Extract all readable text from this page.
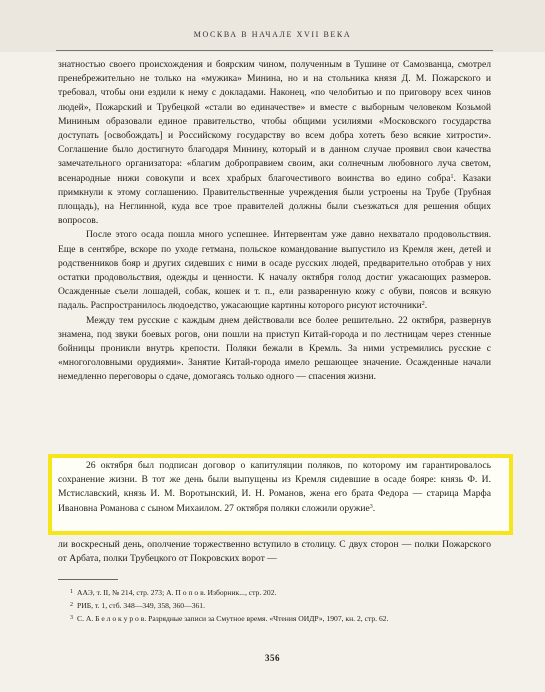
МОСКВА В НАЧАЛЕ XVII ВЕКА

знатностью своего происхождения и боярским чином, полученным в Тушине от Самозванца, смотрел пренебрежительно не только на «мужика» Минина, но и на стольника князя Д. М. Пожарского и требовал, чтобы они ездили к нему с докладами. Наконец, «по челобитью и по приговору всех чинов людей», Пожарский и Трубецкой «стали во единачестве» и вместе с выборным человеком Козьмой Мининым образовали единое правительство, чтобы общими усилиями «Московского государства доступать [освобождать] и Российскому государству во всем добра хотеть безо всякие хитрости». Соглашение было достигнуто благодаря Минину, который и в данном случае проявил свои качества замечательного организатора: «благим доброправием своим, аки солнечным любовного луча светом, всенародные нижи совокупи и всех храбрых благочестивого воинства во едино собра$^1$. Казаки примкнули к этому соглашению. Правительственные учреждения были устроены на Трубе (Трубная площадь), на Неглинной, куда все трое правителей должны были съезжаться для решения общих вопросов.

После этого осада пошла много успешнее. Интервентам уже давно нехватало продовольствия. Еще в сентябре, вскоре по уходе гетмана, польское командование выпустило из Кремля жен, детей и родственников бояр и других сидевших с ними в осаде русских людей, предварительно отобрав у них остатки продовольствия, одежды и ценности. К началу октября голод достиг ужасающих размеров. Осажденные съели лошадей, собак, кошек и т. п., ели разваренную кожу с обуви, поясов и всякую падаль. Распространилось людоедство, ужасающие картины которого рисуют источники$^2$.

Между тем русские с каждым днем действовали все более решительно. 22 октября, развернув знамена, под звуки боевых рогов, они пошли на приступ Китай-города и по лестницам через стенные бойницы проникли внутрь крепости. Поляки бежали в Кремль. За ними устремились русские с «многоголовными орудиями». Занятие Китай-города имело решающее значение. Осажденные начали немедленно переговоры о сдаче, домогаясь только одного — спасения жизни.

26 октября был подписан договор о капитуляции поляков, по которому им гарантировалось сохранение жизни. В тот же день были выпущены из Кремля сидевшие в осаде бояре: князь Ф. И. Мстиславский, князь И. М. Воротынский, И. Н. Романов, жена его брата Федора — старица Марфа Ивановна Романова с сыном Михаилом. 27 октября поляки сложили оружие$^3$.

ли воскресный день, ополчение торжественно вступило в столицу. С двух сторон — полки Пожарского от Арбата, полки Трубецкого от Покровских ворот —

$^1$ ААЭ, т. II, № 214, стр. 273; А. П о п о в. Изборник..., стр. 202.

$^2$ РИБ, т. 1, стб. 348—349, 358, 360—361.

$^3$ С. А. Б е л о к у р о в. Разрядные записи за Смутное время. «Чтения ОИДР», 1907, кн. 2, стр. 62.

356
